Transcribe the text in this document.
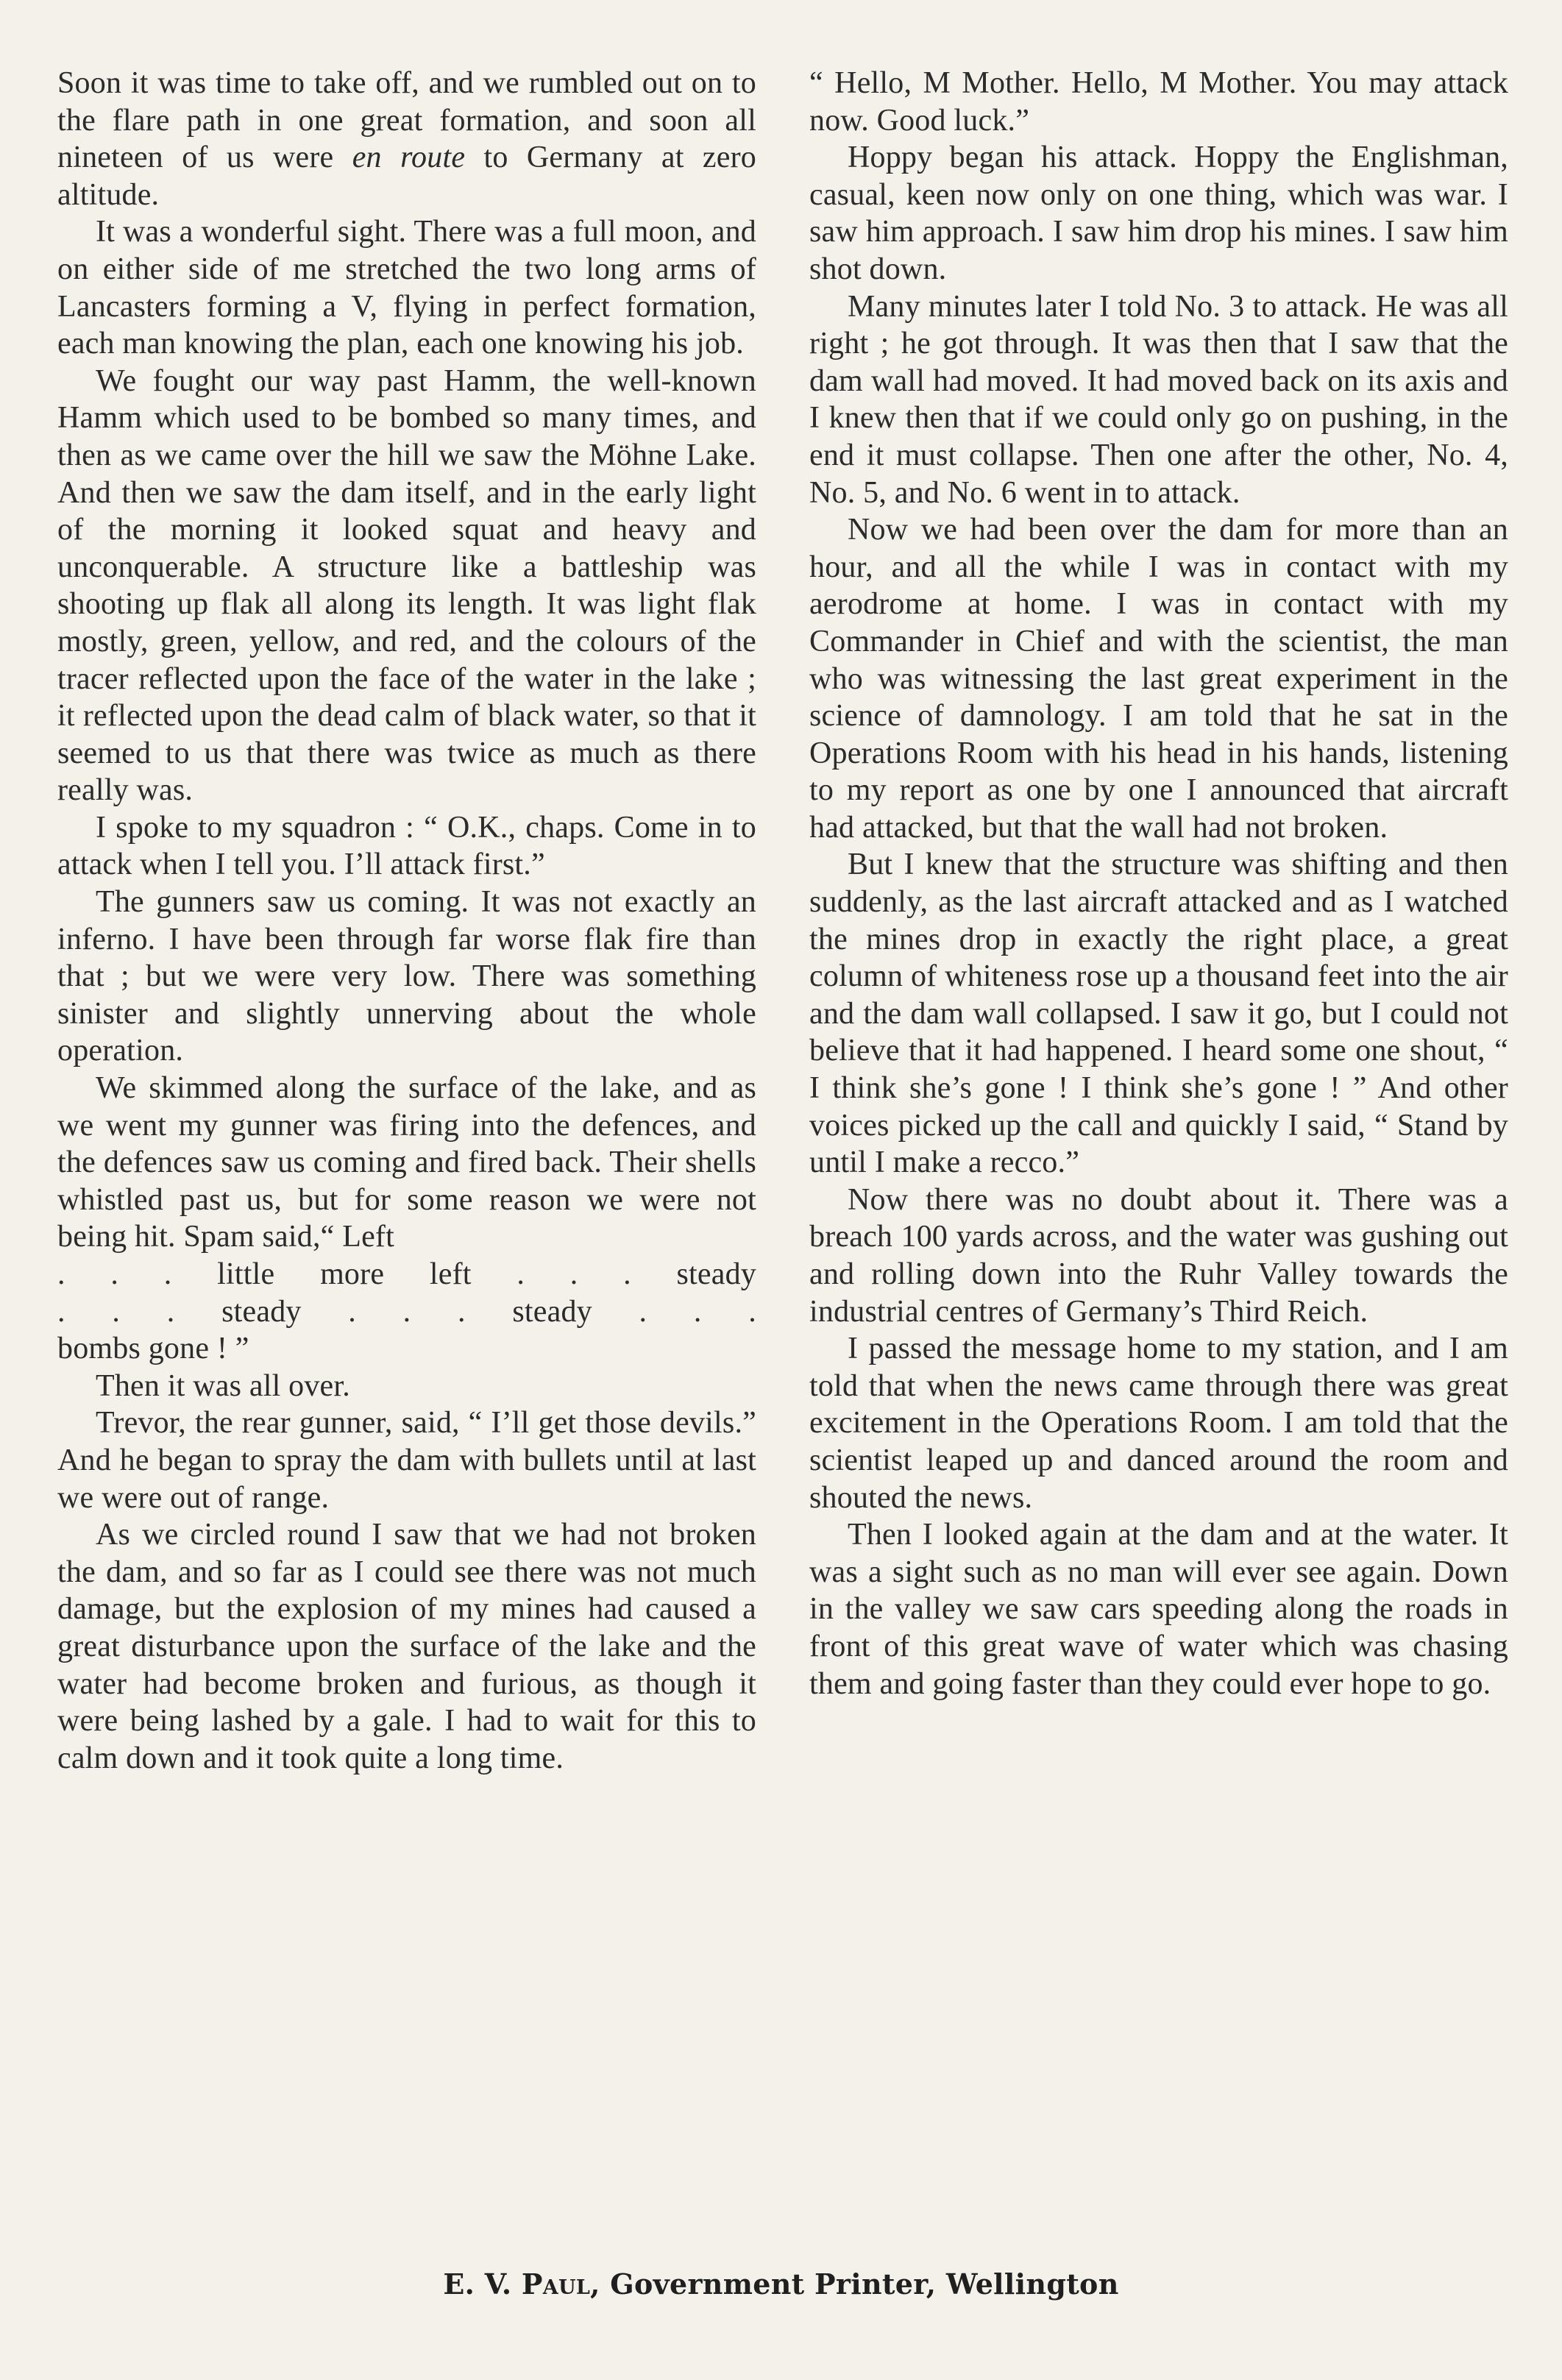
Soon it was time to take off, and we rumbled out on to the flare path in one great formation, and soon all nineteen of us were en route to Germany at zero altitude.

It was a wonderful sight. There was a full moon, and on either side of me stretched the two long arms of Lancasters forming a V, flying in perfect formation, each man knowing the plan, each one knowing his job.

We fought our way past Hamm, the well-known Hamm which used to be bombed so many times, and then as we came over the hill we saw the Möhne Lake. And then we saw the dam itself, and in the early light of the morning it looked squat and heavy and unconquerable. A structure like a battleship was shooting up flak all along its length. It was light flak mostly, green, yellow, and red, and the colours of the tracer reflected upon the face of the water in the lake ; it reflected upon the dead calm of black water, so that it seemed to us that there was twice as much as there really was.

I spoke to my squadron : “ O.K., chaps. Come in to attack when I tell you. I’ll attack first.”

The gunners saw us coming. It was not exactly an inferno. I have been through far worse flak fire than that ; but we were very low. There was something sinister and slightly unnerving about the whole operation.

We skimmed along the surface of the lake, and as we went my gunner was firing into the defences, and the defences saw us coming and fired back. Their shells whistled past us, but for some reason we were not being hit. Spam said,“ Left

. . . little more left . . . steady

. . . steady . . . steady . . .

bombs gone ! ”

Then it was all over.

Trevor, the rear gunner, said, “ I’ll get those devils.” And he began to spray the dam with bullets until at last we were out of range.

As we circled round I saw that we had not broken the dam, and so far as I could see there was not much damage, but the explosion of my mines had caused a great disturbance upon the surface of the lake and the water had become broken and furious, as though it were being lashed by a gale. I had to wait for this to calm down and it took quite a long time.

“ Hello, M Mother. Hello, M Mother. You may attack now. Good luck.”

Hoppy began his attack. Hoppy the Englishman, casual, keen now only on one thing, which was war. I saw him approach. I saw him drop his mines. I saw him shot down.

Many minutes later I told No. 3 to attack. He was all right ; he got through. It was then that I saw that the dam wall had moved. It had moved back on its axis and I knew then that if we could only go on pushing, in the end it must collapse. Then one after the other, No. 4, No. 5, and No. 6 went in to attack.

Now we had been over the dam for more than an hour, and all the while I was in contact with my aerodrome at home. I was in contact with my Commander in Chief and with the scientist, the man who was witnessing the last great experiment in the science of damnology. I am told that he sat in the Operations Room with his head in his hands, listening to my report as one by one I announced that aircraft had attacked, but that the wall had not broken.

But I knew that the structure was shifting and then suddenly, as the last aircraft attacked and as I watched the mines drop in exactly the right place, a great column of whiteness rose up a thousand feet into the air and the dam wall collapsed. I saw it go, but I could not believe that it had happened. I heard some one shout, “ I think she’s gone ! I think she’s gone ! ” And other voices picked up the call and quickly I said, “ Stand by until I make a recco.”

Now there was no doubt about it. There was a breach 100 yards across, and the water was gushing out and rolling down into the Ruhr Valley towards the industrial centres of Germany’s Third Reich.

I passed the message home to my station, and I am told that when the news came through there was great excitement in the Operations Room. I am told that the scientist leaped up and danced around the room and shouted the news.

Then I looked again at the dam and at the water. It was a sight such as no man will ever see again. Down in the valley we saw cars speeding along the roads in front of this great wave of water which was chasing them and going faster than they could ever hope to go.

E. V. Paul, Government Printer, Wellington
